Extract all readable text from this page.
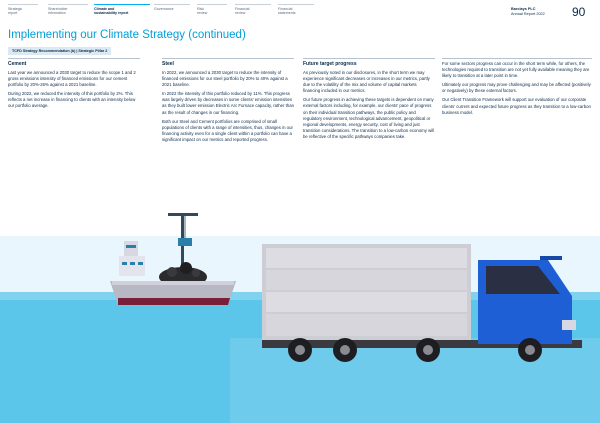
Strategic
report
Shareholder
information
Climate and
sustainability report
Governance	Risk
review
Financial
review
Financial
statements
Barclays PLC
Annual Report 2022 90
Implementing our Climate Strategy (continued)
TCFD Strategy Recommendation (b) | Strategic Pillar 2
Cement

Last year we announced a 2030 target to reduce the scope 1 and 2 gross emissions intensity of financed emissions for our cement portfolio by 20%-26% against a 2021 baseline.

During 2022, we reduced the intensity of this portfolio by 2%. This reflects a net increase in financing to clients with an intensity below our portfolio average.

Steel

In 2022, we announced a 2030 target to reduce the intensity of financed emissions for our steel portfolio by 20% to 40% against a 2021 baseline.

In 2022 the intensity of this portfolio reduced by 11%. This progress was largely driven by decreases in some clients' emission intensities as they built lower emission Electric Arc Furnace capacity, rather than as the result of changes in our financing.

Both our Steel and Cement portfolios are comprised of small populations of clients with a range of intensities, thus, changes in our financing activity even for a single client within a portfolio can have a significant impact on our metrics and reported progress.

Future target progress

As previously noted in our disclosures, in the short term we may experience significant decreases or increases in our metrics, partly due to the volatility of the mix and volume of capital markets financing included in our metrics.

Our future progress in achieving these targets is dependent on many external factors including, for example, our clients' pace of progress on their individual transition pathways, the public policy and regulatory environment, technological advancement, geopolitical or regional developments, energy security, cost of living and just transition considerations. The transition to a low-carbon economy will be reflective of the specific pathways companies take.

For some sectors progress can occur in the short term while, for others, the technologies required to transition are not yet fully available meaning they are likely to transition at a later point in time.

Ultimately our progress may prove challenging and may be affected (positively or negatively) by these external factors.

Our Client Transition Framework will support our evaluation of our corporate clients' current and expected future progress as they transition to a low-carbon business model.
